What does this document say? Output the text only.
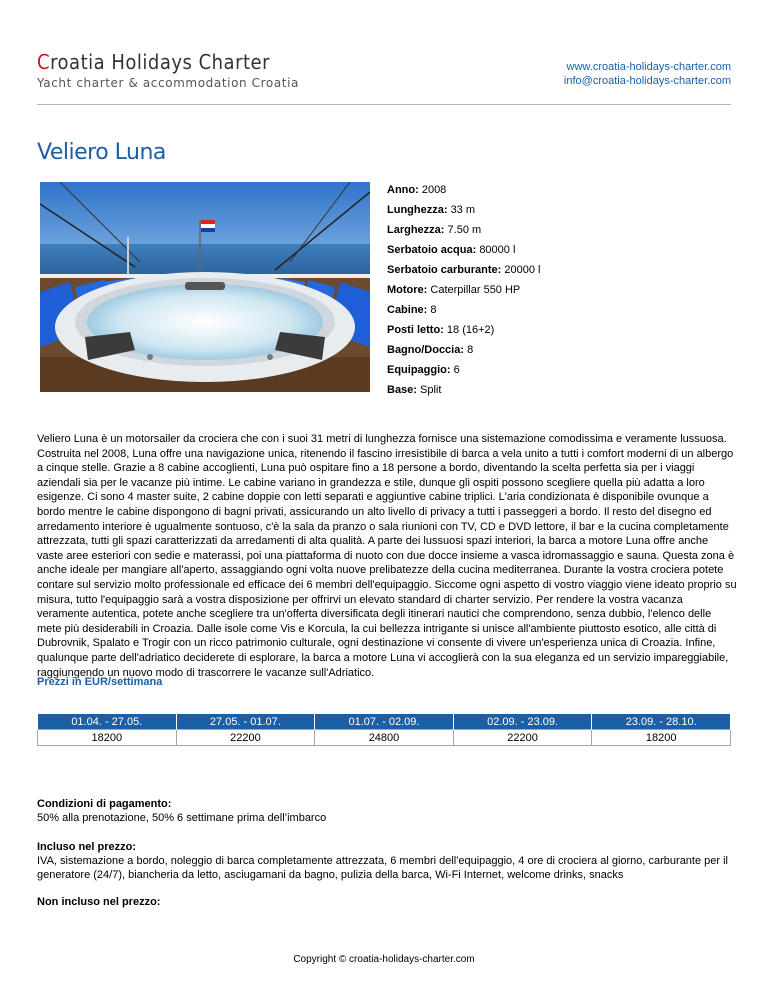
Croatia Holidays Charter
Yacht charter & accommodation Croatia
www.croatia-holidays-charter.com
info@croatia-holidays-charter.com
Veliero Luna
Anno: 2008
Lunghezza: 33 m
Larghezza: 7.50 m
Serbatoio acqua: 80000 l
Serbatoio carburante: 20000 l
Motore: Caterpillar 550 HP
Cabine: 8
Posti letto: 18 (16+2)
Bagno/Doccia: 8
Equipaggio: 6
Base: Split
Veliero Luna è un motorsailer da crociera che con i suoi 31 metri di lunghezza fornisce una sistemazione comodissima e veramente lussuosa. Costruita nel 2008, Luna offre una navigazione unica, ritenendo il fascino irresistibile di barca a vela unito a tutti i comfort moderni di un albergo a cinque stelle. Grazie a 8 cabine accoglienti, Luna può ospitare fino a 18 persone a bordo, diventando la scelta perfetta sia per i viaggi aziendali sia per le vacanze più intime. Le cabine variano in grandezza e stile, dunque gli ospiti possono scegliere quella più adatta a loro esigenze. Ci sono 4 master suite, 2 cabine doppie con letti separati e aggiuntive cabine triplici. L'aria condizionata è disponibile ovunque a bordo mentre le cabine dispongono di bagni privati, assicurando un alto livello di privacy a tutti i passeggeri a bordo. Il resto del disegno ed arredamento interiore è ugualmente sontuoso, c'è la sala da pranzo o sala riunioni con TV, CD e DVD lettore, il bar e la cucina completamente attrezzata, tutti gli spazi caratterizzati da arredamenti di alta qualità. A parte dei lussuosi spazi interiori, la barca a motore Luna offre anche vaste aree esteriori con sedie e materassi, poi una piattaforma di nuoto con due docce insieme a vasca idromassaggio e sauna. Questa zona è anche ideale per mangiare all'aperto, assaggiando ogni volta nuove prelibatezze della cucina mediterranea. Durante la vostra crociera potete contare sul servizio molto professionale ed efficace dei 6 membri dell'equipaggio. Siccome ogni aspetto di vostro viaggio viene ideato proprio su misura, tutto l'equipaggio sarà a vostra disposizione per offrirvi un elevato standard di charter servizio. Per rendere la vostra vacanza veramente autentica, potete anche scegliere tra un'offerta diversificata degli itinerari nautici che comprendono, senza dubbio, l'elenco delle mete più desiderabili in Croazia. Dalle isole come Vis e Korcula, la cui bellezza intrigante si unisce all'ambiente piuttosto esotico, alle città di Dubrovnik, Spalato e Trogir con un ricco patrimonio culturale, ogni destinazione vi consente di vivere un'esperienza unica di Croazia. Infine, qualunque parte dell'adriatico deciderete di esplorare, la barca a motore Luna vi accoglierà con la sua eleganza ed un servizio impareggiabile, raggiungendo un nuovo modo di trascorrere le vacanze sull'Adriatico.
Prezzi in EUR/settimana
01.04. - 27.05.	27.05. - 01.07.	01.07. - 02.09.	02.09. - 23.09.	23.09. - 28.10.
18200	22200	24800	22200	18200
Condizioni di pagamento:
50% alla prenotazione, 50% 6 settimane prima dell’imbarco
Incluso nel prezzo:
IVA, sistemazione a bordo, noleggio di barca completamente attrezzata, 6 membri dell'equipaggio, 4 ore di crociera al giorno, carburante per il generatore (24/7), biancheria da letto, asciugamani da bagno, pulizia della barca, Wi-Fi Internet, welcome drinks, snacks
Non incluso nel prezzo:
Copyright © croatia-holidays-charter.com
